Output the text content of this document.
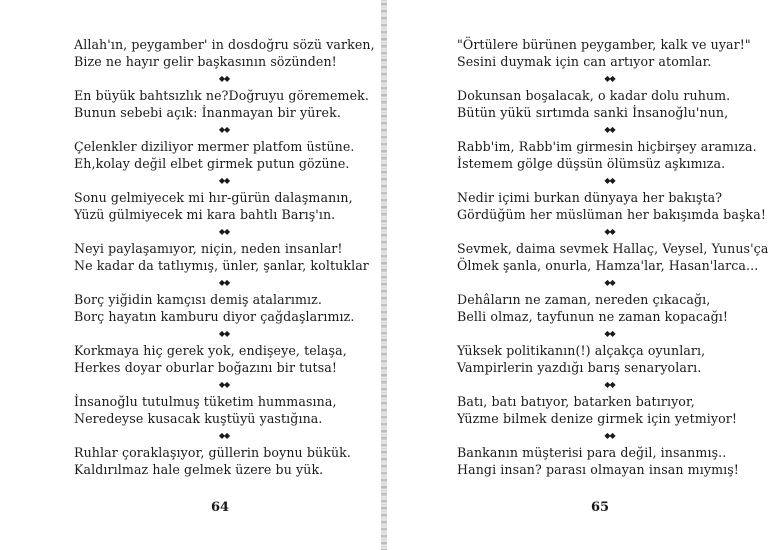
Allah'ın, peygamber' in dosdoğru sözü varken,
Bize ne hayır gelir başkasının sözünden!
◆◆
En büyük bahtsızlık ne?Doğruyu görememek.
Bunun sebebi açık: İnanmayan bir yürek.
◆◆
Çelenkler diziliyor mermer platfom üstüne.
Eh,kolay değil elbet girmek putun gözüne.
◆◆
Sonu gelmiyecek mi hır-gürün dalaşmanın,
Yüzü gülmiyecek mi kara bahtlı Barış'ın.
◆◆
Neyi paylaşamıyor, niçin, neden insanlar!
Ne kadar da tatlıymış, ünler, şanlar, koltuklar
◆◆
Borç yiğidin kamçısı demiş atalarımız.
Borç hayatın kamburu diyor çağdaşlarımız.
◆◆
Korkmaya hiç gerek yok, endişeye, telaşa,
Herkes doyar oburlar boğazını bir tutsa!
◆◆
İnsanoğlu tutulmuş tüketim hummasına,
Neredeyse kusacak kuştüyü yastığına.
◆◆
Ruhlar çoraklaşıyor, güllerin boynu bükük.
Kaldırılmaz hale gelmek üzere bu yük.
64
"Örtülere bürünen peygamber, kalk ve uyar!"
Sesini duymak için can artıyor atomlar.
◆◆
Dokunsan boşalacak, o kadar dolu ruhum.
Bütün yükü sırtımda sanki İnsanoğlu'nun,
◆◆
Rabb'im, Rabb'im girmesin hiçbirşey aramıza.
İstemem gölge düşsün ölümsüz aşkımıza.
◆◆
Nedir içimi burkan dünyaya her bakışta?
Gördüğüm her müslüman her bakışımda başka!
◆◆
Sevmek, daima sevmek Hallaç, Veysel, Yunus'ça
Ölmek şanla, onurla, Hamza'lar, Hasan'larca...
◆◆
Dehâların ne zaman, nereden çıkacağı,
Belli olmaz, tayfunun ne zaman kopacağı!
◆◆
Yüksek politikanın(!) alçakça oyunları,
Vampirlerin yazdığı barış senaryoları.
◆◆
Batı, batı batıyor, batarken batırıyor,
Yüzme bilmek denize girmek için yetmiyor!
◆◆
Bankanın müşterisi para değil, insanmış..
Hangi insan? parası olmayan insan mıymış!
65
